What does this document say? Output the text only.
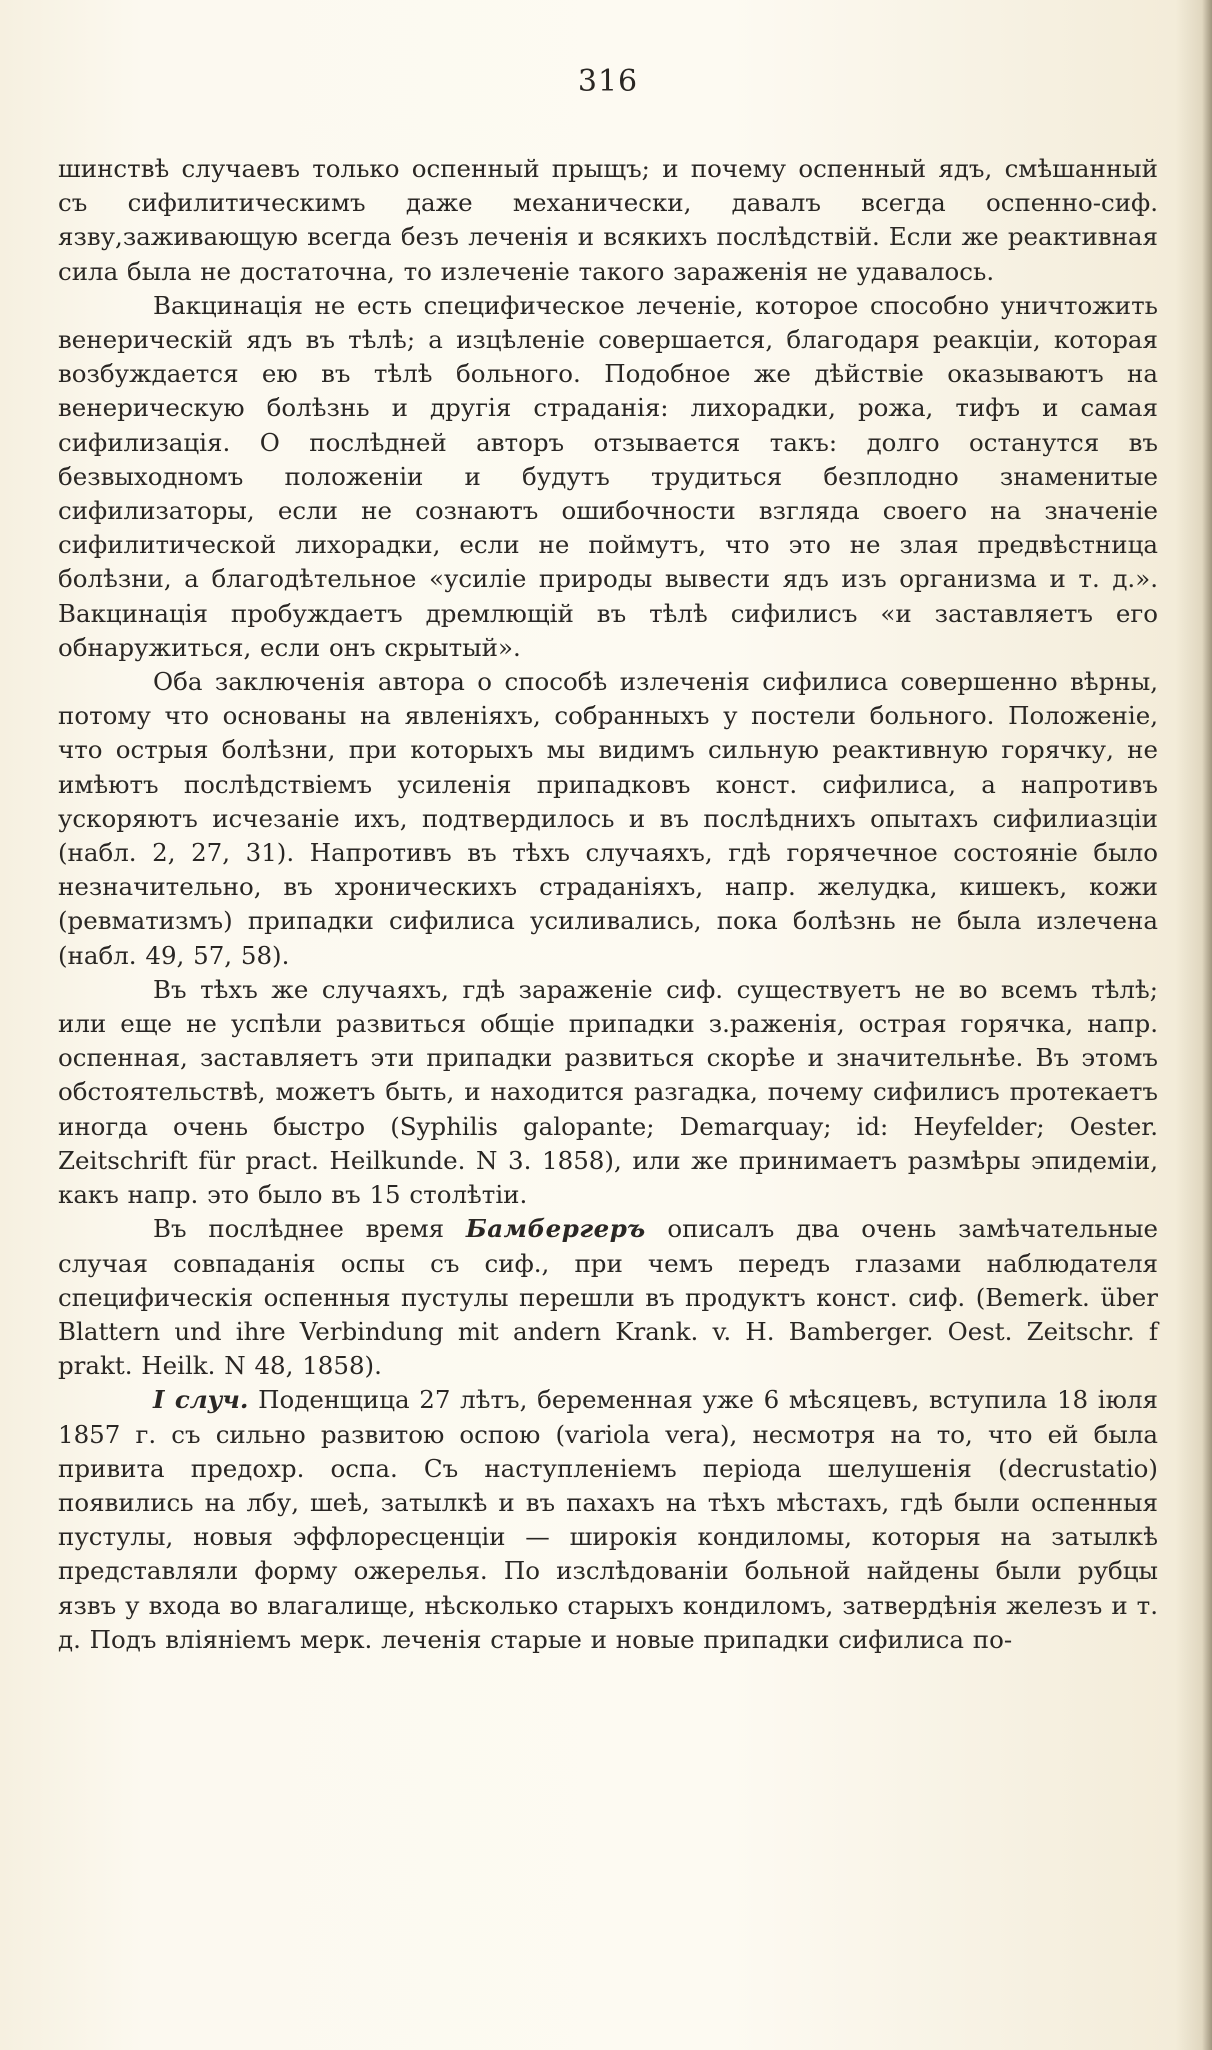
316

шинствѣ случаевъ только оспенный прыщъ; и почему оспенный ядъ, смѣшанный съ сифилитическимъ даже механически, давалъ всегда оспенно-сиф. язву,заживающую всегда безъ леченія и всякихъ послѣдствій. Если же реактивная сила была не достаточна, то излеченіе такого зараженія не удавалось.

Вакцинація не есть специфическое леченіе, которое способно уничтожить венерическій ядъ въ тѣлѣ; а изцѣленіе совершается, благодаря реакціи, которая возбуждается ею въ тѣлѣ больного. Подобное же дѣйствіе оказываютъ на венерическую болѣзнь и другія страданія: лихорадки, рожа, тифъ и самая сифилизація. О послѣдней авторъ отзывается такъ: долго останутся въ безвыходномъ положеніи и будутъ трудиться безплодно знаменитые сифилизаторы, если не сознаютъ ошибочности взгляда своего на значеніе сифилитической лихорадки, если не поймутъ, что это не злая предвѣстница болѣзни, а благодѣтельное «усиліе природы вывести ядъ изъ организма и т. д.». Вакцинація пробуждаетъ дремлющій въ тѣлѣ сифилисъ «и заставляетъ его обнаружиться, если онъ скрытый».

Оба заключенія автора о способѣ излеченія сифилиса совершенно вѣрны, потому что основаны на явленіяхъ, собранныхъ у постели больного. Положеніе, что острыя болѣзни, при которыхъ мы видимъ сильную реактивную горячку, не имѣютъ послѣдствіемъ усиленія припадковъ конст. сифилиса, а напротивъ ускоряютъ исчезаніе ихъ, подтвердилось и въ послѣднихъ опытахъ сифилиазціи (набл. 2, 27, 31). Напротивъ въ тѣхъ случаяхъ, гдѣ горячечное состояніе было незначительно, въ хроническихъ страданіяхъ, напр. желудка, кишекъ, кожи (ревматизмъ) припадки сифилиса усиливались, пока болѣзнь не была излечена (набл. 49, 57, 58).

Въ тѣхъ же случаяхъ, гдѣ зараженіе сиф. существуетъ не во всемъ тѣлѣ; или еще не успѣли развиться общіе припадки з.раженія, острая горячка, напр. оспенная, заставляетъ эти припадки развиться скорѣе и значительнѣе. Въ этомъ обстоятельствѣ, можетъ быть, и находится разгадка, почему сифилисъ протекаетъ иногда очень быстро (Syphilis galopante; Demarquay; id: Heyfelder; Oester. Zeitschrift für pract. Heilkunde. N 3. 1858), или же принимаетъ размѣры эпидеміи, какъ напр. это было въ 15 столѣтіи.

Въ послѣднее время Бамбергеръ описалъ два очень замѣчательные случая совпаданія оспы съ сиф., при чемъ передъ глазами наблюдателя специфическія оспенныя пустулы перешли въ продуктъ конст. сиф. (Bemerk. über Blattern und ihre Verbindung mit andern Krank. v. H. Bamberger. Oest. Zeitschr. f prakt. Heilk. N 48, 1858).

I случ. Поденщица 27 лѣтъ, беременная уже 6 мѣсяцевъ, вступила 18 іюля 1857 г. съ сильно развитою оспою (variola vera), несмотря на то, что ей была привита предохр. оспа. Съ наступленіемъ періода шелушенія (decrustatio) появились на лбу, шеѣ, затылкѣ и въ пахахъ на тѣхъ мѣстахъ, гдѣ были оспенныя пустулы, новыя эффлоресценціи — широкія кондиломы, которыя на затылкѣ представляли форму ожерелья. По изслѣдованіи больной найдены были рубцы язвъ у входа во влагалище, нѣсколько старыхъ кондиломъ, затвердѣнія железъ и т. д. Подъ вліяніемъ мерк. леченія старые и новые припадки сифилиса по-
